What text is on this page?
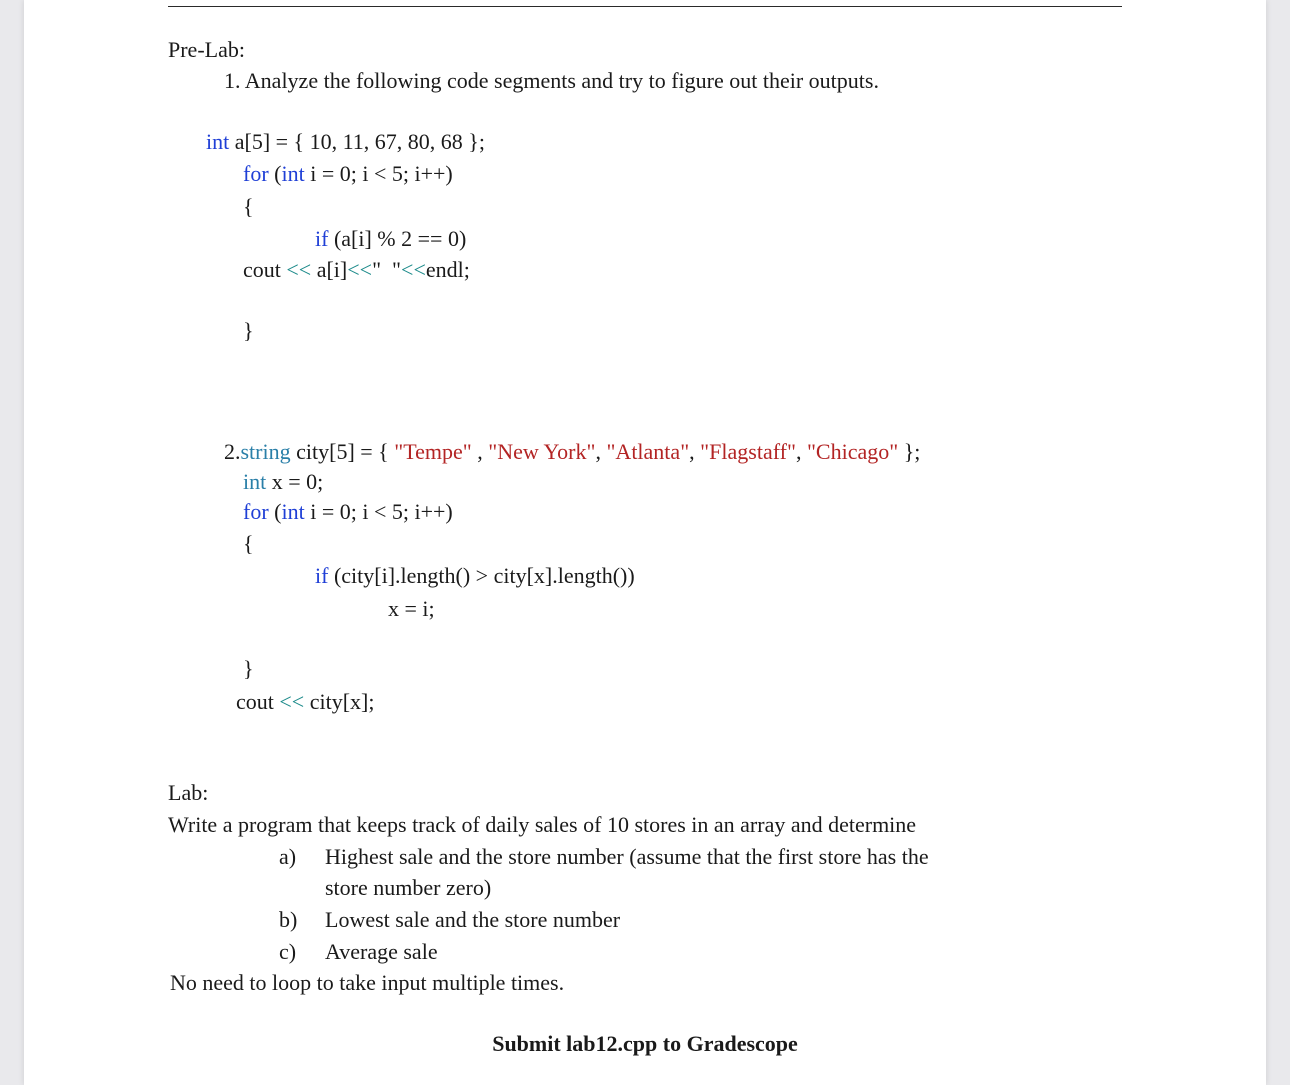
Pre-Lab:
1. Analyze the following code segments and try to figure out their outputs.
int a[5] = { 10, 11, 67, 80, 68 };
for (int i = 0; i < 5; i++)
{
if (a[i] % 2 == 0)
cout << a[i]<<"  "<<endl;
}
2.string city[5] = { "Tempe" , "New York", "Atlanta", "Flagstaff", "Chicago" };
int x = 0;
for (int i = 0; i < 5; i++)
{
if (city[i].length() > city[x].length())
x = i;
}
cout << city[x];
Lab:
Write a program that keeps track of daily sales of 10 stores in an array and determine
a) Highest sale and the store number (assume that the first store has the
store number zero)
b) Lowest sale and the store number
c) Average sale
No need to loop to take input multiple times.
Submit lab12.cpp to Gradescope
